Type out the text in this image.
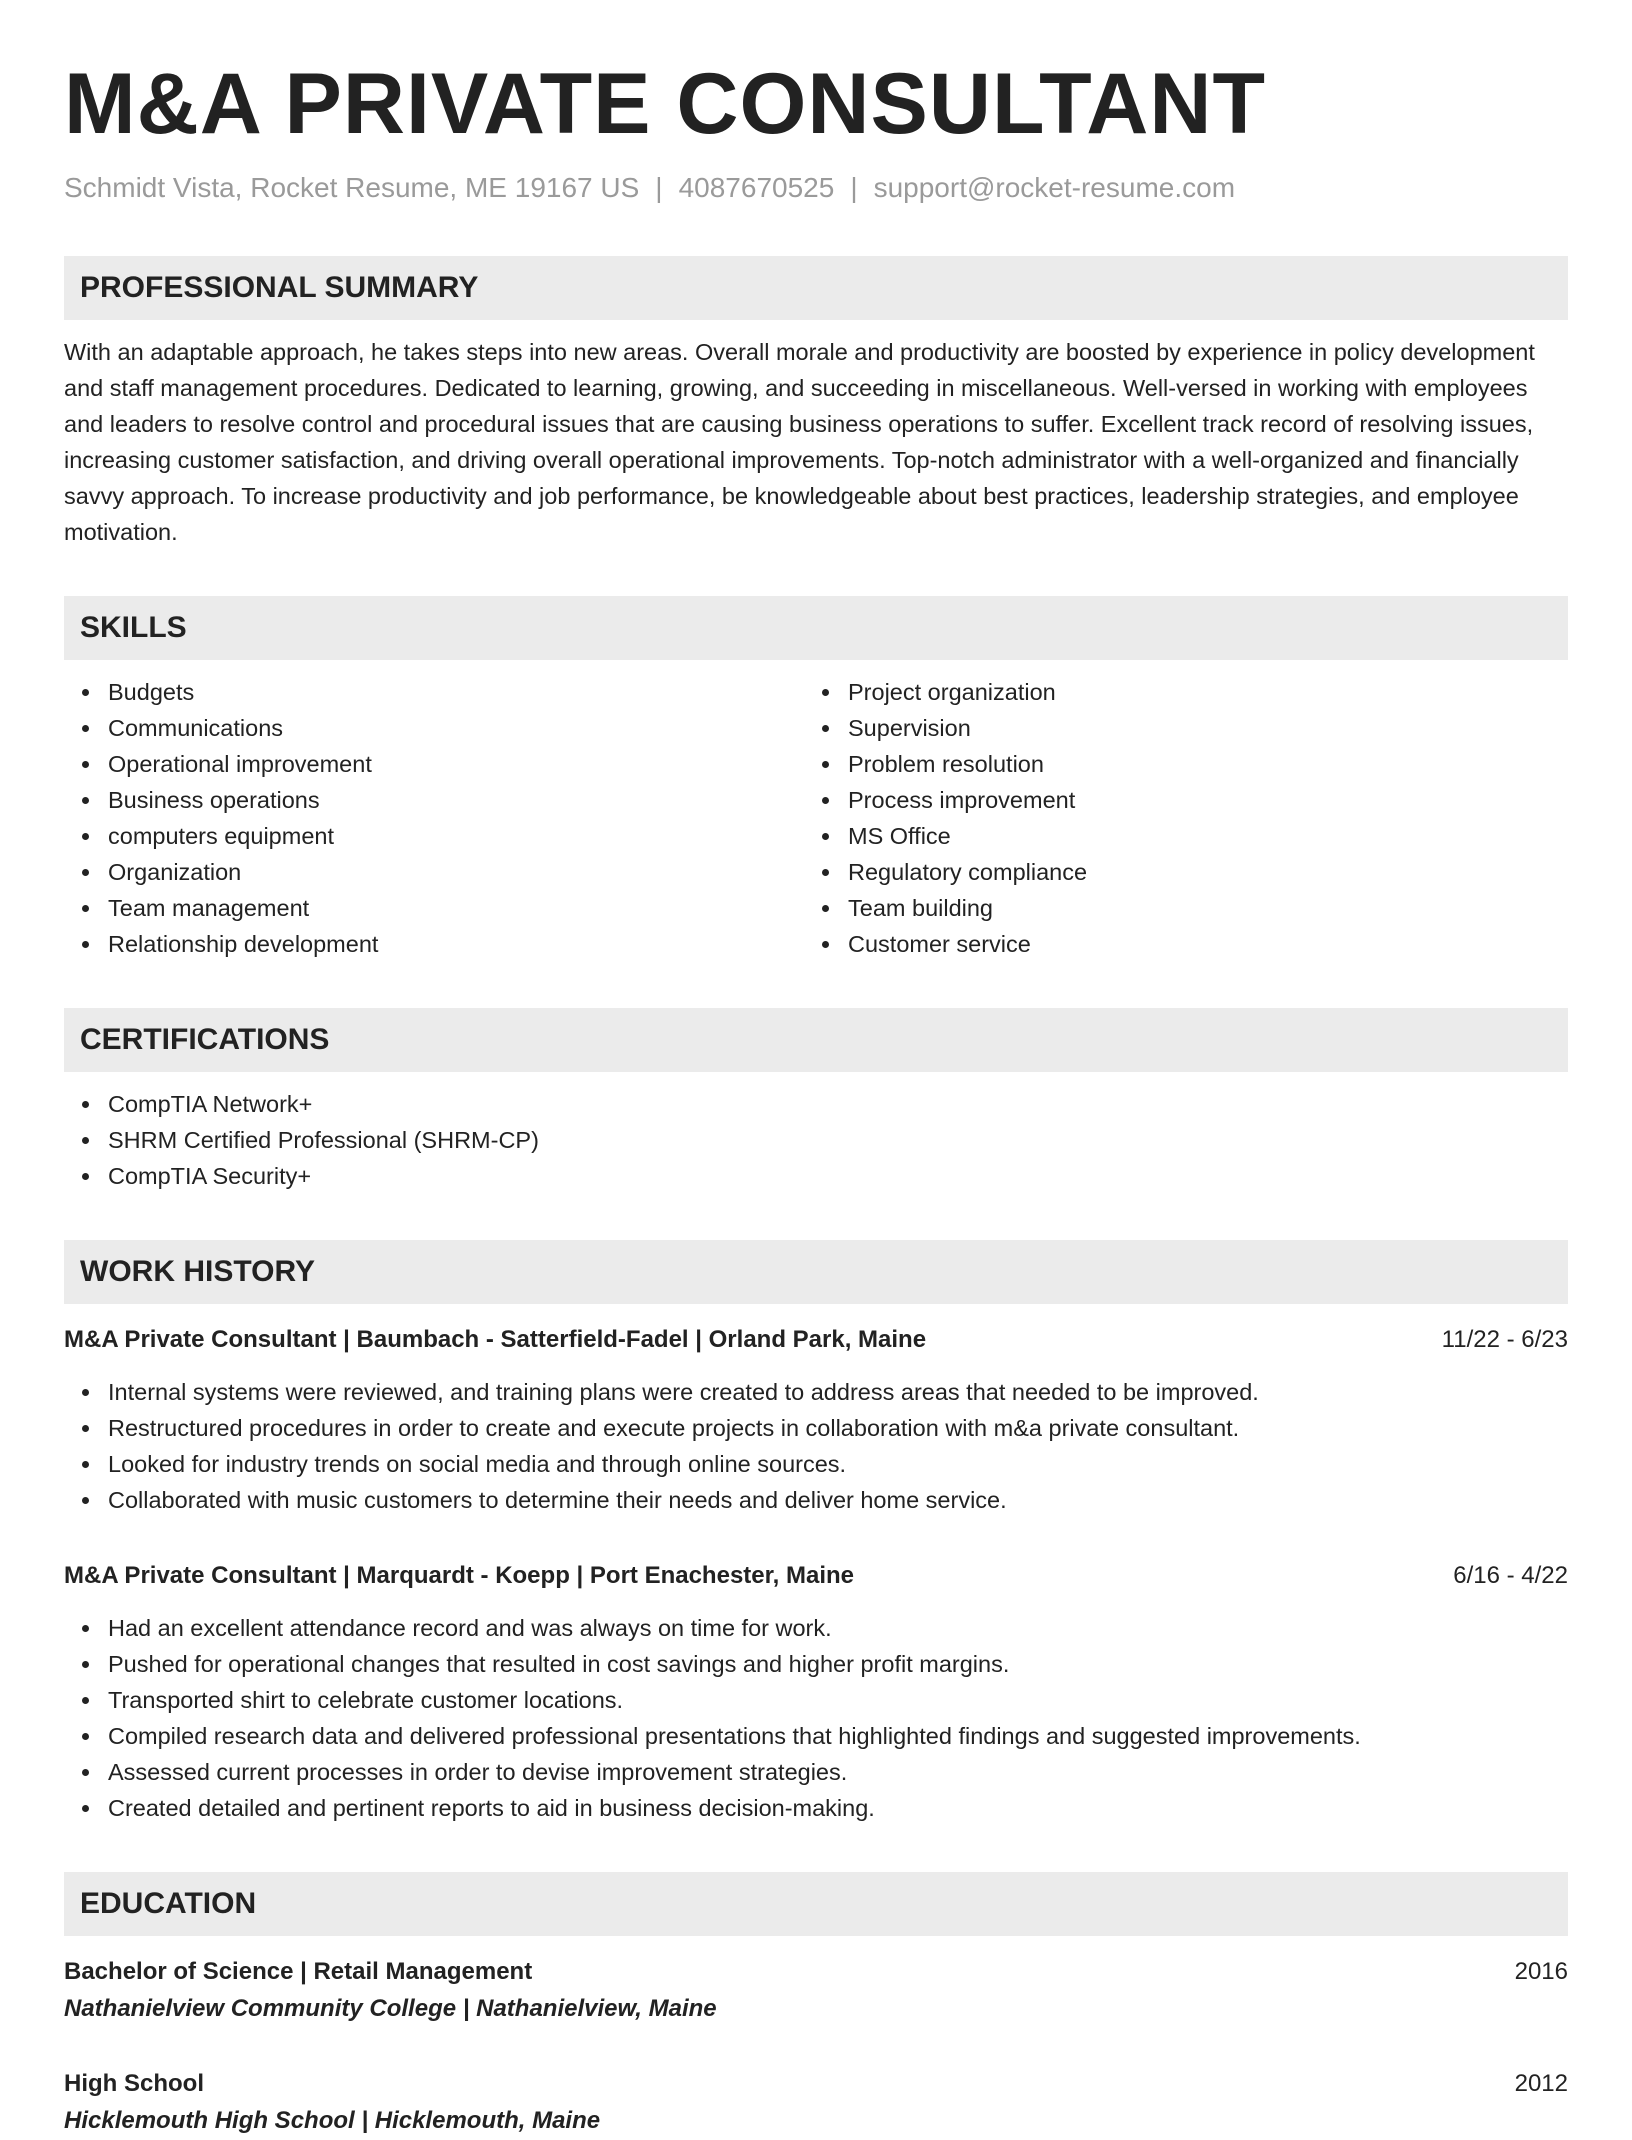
M&A PRIVATE CONSULTANT
Schmidt Vista, Rocket Resume, ME 19167 US | 4087670525 | support@rocket-resume.com
PROFESSIONAL SUMMARY

With an adaptable approach, he takes steps into new areas. Overall morale and productivity are boosted by experience in policy development and staff management procedures. Dedicated to learning, growing, and succeeding in miscellaneous. Well-versed in working with employees and leaders to resolve control and procedural issues that are causing business operations to suffer. Excellent track record of resolving issues, increasing customer satisfaction, and driving overall operational improvements. Top-notch administrator with a well-organized and financially savvy approach. To increase productivity and job performance, be knowledgeable about best practices, leadership strategies, and employee motivation.

SKILLS
Budgets
Communications
Operational improvement
Business operations
computers equipment
Organization
Team management
Relationship development
Project organization
Supervision
Problem resolution
Process improvement
MS Office
Regulatory compliance
Team building
Customer service
CERTIFICATIONS
CompTIA Network+
SHRM Certified Professional (SHRM-CP)
CompTIA Security+
WORK HISTORY
M&A Private Consultant | Baumbach - Satterfield-Fadel | Orland Park, Maine	11/22 - 6/23
Internal systems were reviewed, and training plans were created to address areas that needed to be improved.
Restructured procedures in order to create and execute projects in collaboration with m&a private consultant.
Looked for industry trends on social media and through online sources.
Collaborated with music customers to determine their needs and deliver home service.
M&A Private Consultant | Marquardt - Koepp | Port Enachester, Maine	6/16 - 4/22
Had an excellent attendance record and was always on time for work.
Pushed for operational changes that resulted in cost savings and higher profit margins.
Transported shirt to celebrate customer locations.
Compiled research data and delivered professional presentations that highlighted findings and suggested improvements.
Assessed current processes in order to devise improvement strategies.
Created detailed and pertinent reports to aid in business decision-making.
EDUCATION
Bachelor of Science | Retail Management	2016
Nathanielview Community College | Nathanielview, Maine
High School	2012
Hicklemouth High School | Hicklemouth, Maine
